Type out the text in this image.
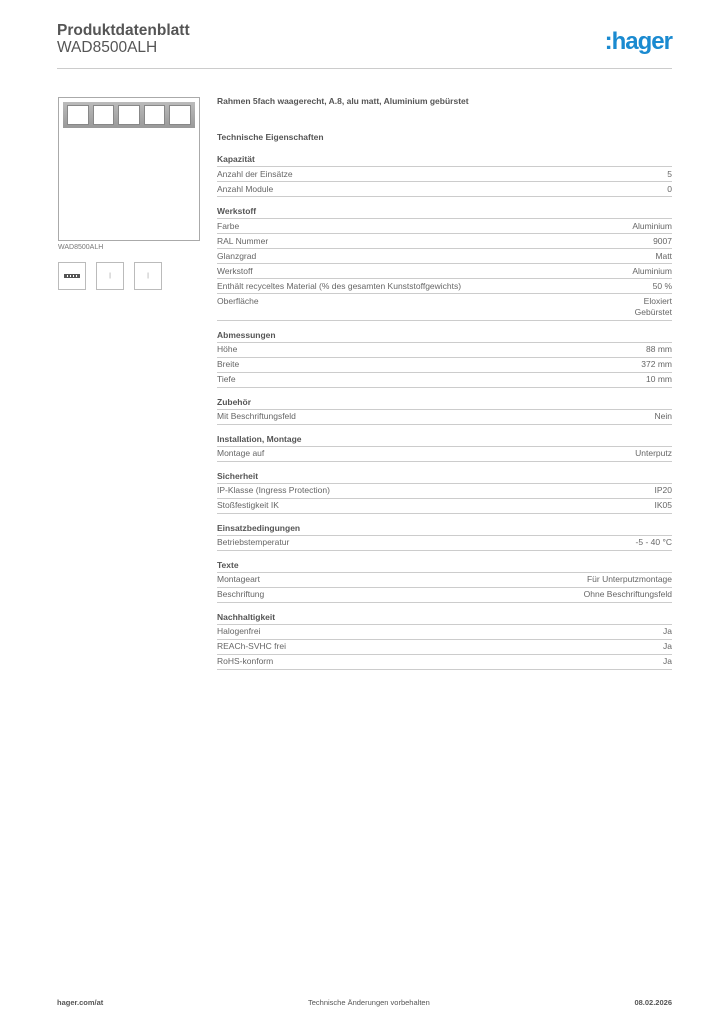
Produktdatenblatt
WAD8500ALH	:hager
WAD8500ALH
|	|
Rahmen 5fach waagerecht, A.8, alu matt, Aluminium gebürstet
Technische Eigenschaften
Kapazität
Anzahl der Einsätze	5
Anzahl Module	0
Werkstoff
Farbe	Aluminium
RAL Nummer	9007
Glanzgrad	Matt
Werkstoff	Aluminium
Enthält recyceltes Material (% des gesamten Kunststoffgewichts)	50 %
Oberfläche	Eloxiert
Gebürstet
Abmessungen
Höhe	88 mm
Breite	372 mm
Tiefe	10 mm
Zubehör
Mit Beschriftungsfeld	Nein
Installation, Montage
Montage auf	Unterputz
Sicherheit
IP-Klasse (Ingress Protection)	IP20
Stoßfestigkeit IK	IK05
Einsatzbedingungen
Betriebstemperatur	-5 - 40 °C
Texte
Montageart	Für Unterputzmontage
Beschriftung	Ohne Beschriftungsfeld
Nachhaltigkeit
Halogenfrei	Ja
REACh-SVHC frei	Ja
RoHS-konform	Ja
hager.com/at	Technische Änderungen vorbehalten	08.02.2026
